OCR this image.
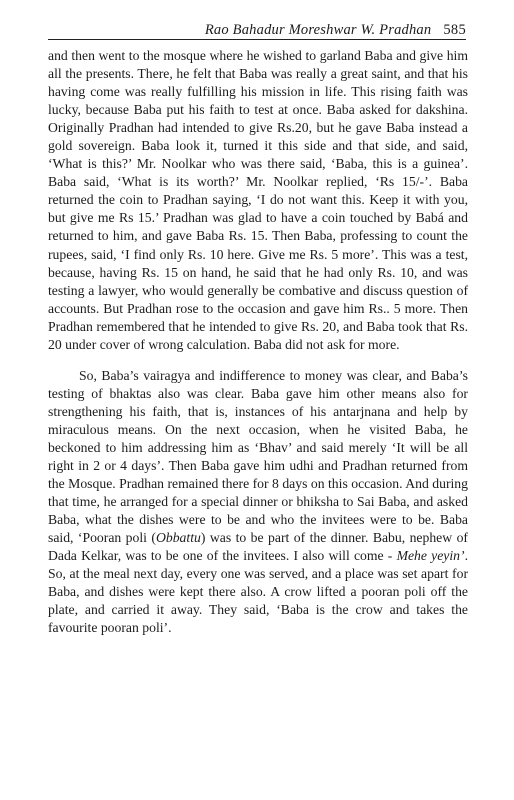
Rao Bahadur Moreshwar W. Pradhan 585

and then went to the mosque where he wished to garland Baba and give him all the presents. There, he felt that Baba was really a great saint, and that his having come was really fulfilling his mission in life. This rising faith was lucky, because Baba put his faith to test at once. Baba asked for dakshina. Originally Pradhan had intended to give Rs.20, but he gave Baba instead a gold sovereign. Baba look it, turned it this side and that side, and said, ‘What is this?’ Mr. Noolkar who was there said, ‘Baba, this is a guinea’. Baba said, ‘What is its worth?’ Mr. Noolkar replied, ‘Rs 15/-’. Baba returned the coin to Pradhan saying, ‘I do not want this. Keep it with you, but give me Rs 15.’ Pradhan was glad to have a coin touched by Babá and returned to him, and gave Baba Rs. 15. Then Baba, professing to count the rupees, said, ‘I find only Rs. 10 here. Give me Rs. 5 more’. This was a test, because, having Rs. 15 on hand, he said that he had only Rs. 10, and was testing a lawyer, who would generally be combative and discuss question of accounts. But Pradhan rose to the occasion and gave him Rs.. 5 more. Then Pradhan remembered that he intended to give Rs. 20, and Baba took that Rs. 20 under cover of wrong calculation. Baba did not ask for more.

So, Baba’s vairagya and indifference to money was clear, and Baba’s testing of bhaktas also was clear. Baba gave him other means also for strengthening his faith, that is, instances of his antarjnana and help by miraculous means. On the next occasion, when he visited Baba, he beckoned to him addressing him as ‘Bhav’ and said merely ‘It will be all right in 2 or 4 days’. Then Baba gave him udhi and Pradhan returned from the Mosque. Pradhan remained there for 8 days on this occasion. And during that time, he arranged for a special dinner or bhiksha to Sai Baba, and asked Baba, what the dishes were to be and who the invitees were to be. Baba said, ‘Pooran poli (Obbattu) was to be part of the dinner. Babu, nephew of Dada Kelkar, was to be one of the invitees. I also will come - Mehe yeyin’. So, at the meal next day, every one was served, and a place was set apart for Baba, and dishes were kept there also. A crow lifted a pooran poli off the plate, and carried it away. They said, ‘Baba is the crow and takes the favourite pooran poli’.
